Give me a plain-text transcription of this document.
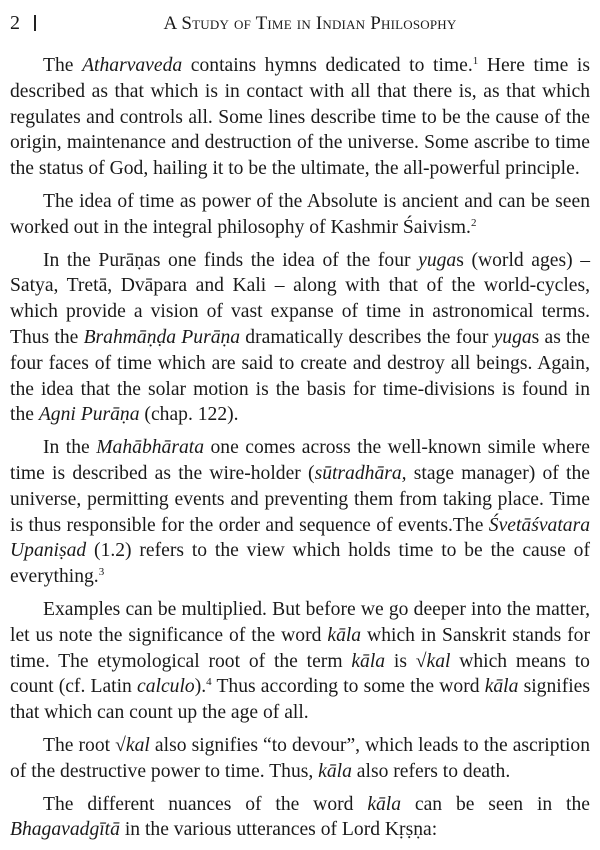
2	A Study of Time in Indian Philosophy

The Atharvaveda contains hymns dedicated to time.$^1$ Here time is described as that which is in contact with all that there is, as that which regulates and controls all. Some lines describe time to be the cause of the origin, maintenance and destruction of the universe. Some ascribe to time the status of God, hailing it to be the ultimate, the all-powerful principle.

The idea of time as power of the Absolute is ancient and can be seen worked out in the integral philosophy of Kashmir Śaivism.$^2$

In the Purāṇas one finds the idea of the four yugas (world ages) – Satya, Tretā, Dvāpara and Kali – along with that of the world-cycles, which provide a vision of vast expanse of time in astronomical terms. Thus the Brahmāṇḍa Purāṇa dramatically describes the four yugas as the four faces of time which are said to create and destroy all beings. Again, the idea that the solar motion is the basis for time-divisions is found in the Agni Purāṇa (chap. 122).

In the Mahābhārata one comes across the well-known simile where time is described as the wire-holder (sūtradhāra, stage manager) of the universe, permitting events and preventing them from taking place. Time is thus responsible for the order and sequence of events.The Śvetāśvatara Upaniṣad (1.2) refers to the view which holds time to be the cause of everything.$^3$

Examples can be multiplied. But before we go deeper into the matter, let us note the significance of the word kāla which in Sanskrit stands for time. The etymological root of the term kāla is √kal which means to count (cf. Latin calculo).$^4$ Thus according to some the word kāla signifies that which can count up the age of all.

The root √kal also signifies “to devour”, which leads to the ascription of the destructive power to time. Thus, kāla also refers to death.

The different nuances of the word kāla can be seen in the Bhagavadgītā in the various utterances of Lord Kṛṣṇa:
